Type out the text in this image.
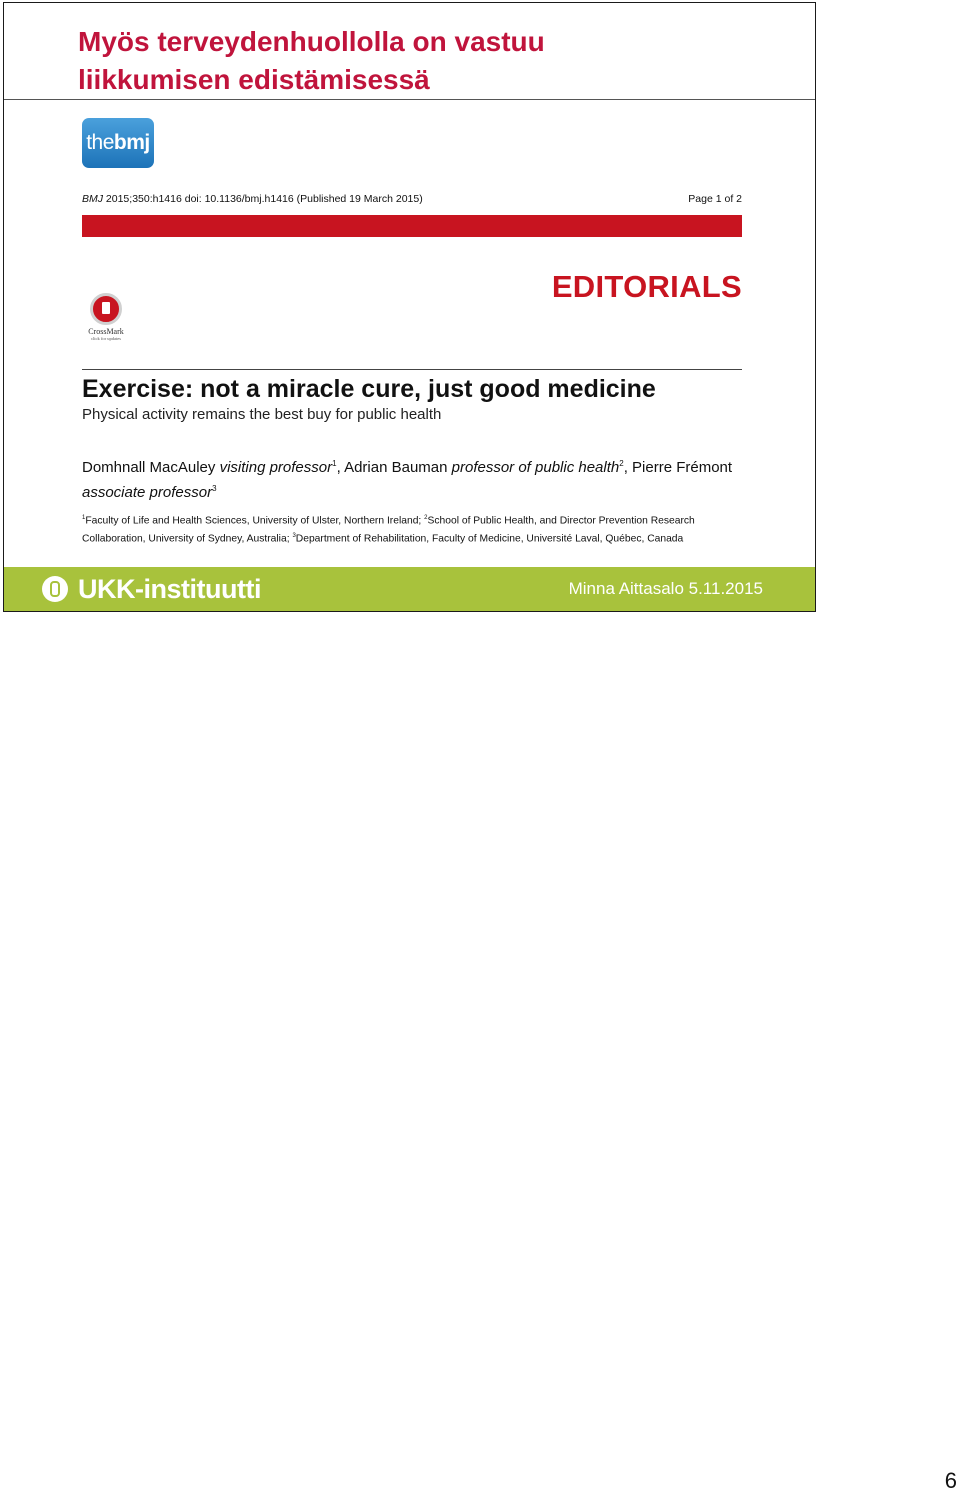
Myös terveydenhuollolla on vastuu
liikkumisen edistämisessä
the bmj
BMJ 2015;350:h1416 doi: 10.1136/bmj.h1416 (Published 19 March 2015)	Page 1 of 2
EDITORIALS
CrossMark
click for updates
Exercise: not a miracle cure, just good medicine
Physical activity remains the best buy for public health
Domhnall MacAuley visiting professor$^1$, Adrian Bauman professor of public health$^2$, Pierre Frémont associate professor$^3$
$^1$Faculty of Life and Health Sciences, University of Ulster, Northern Ireland; $^2$School of Public Health, and Director Prevention Research Collaboration, University of Sydney, Australia; $^3$Department of Rehabilitation, Faculty of Medicine, Université Laval, Québec, Canada
UKK-instituutti	Minna Aittasalo 5.11.2015
6
